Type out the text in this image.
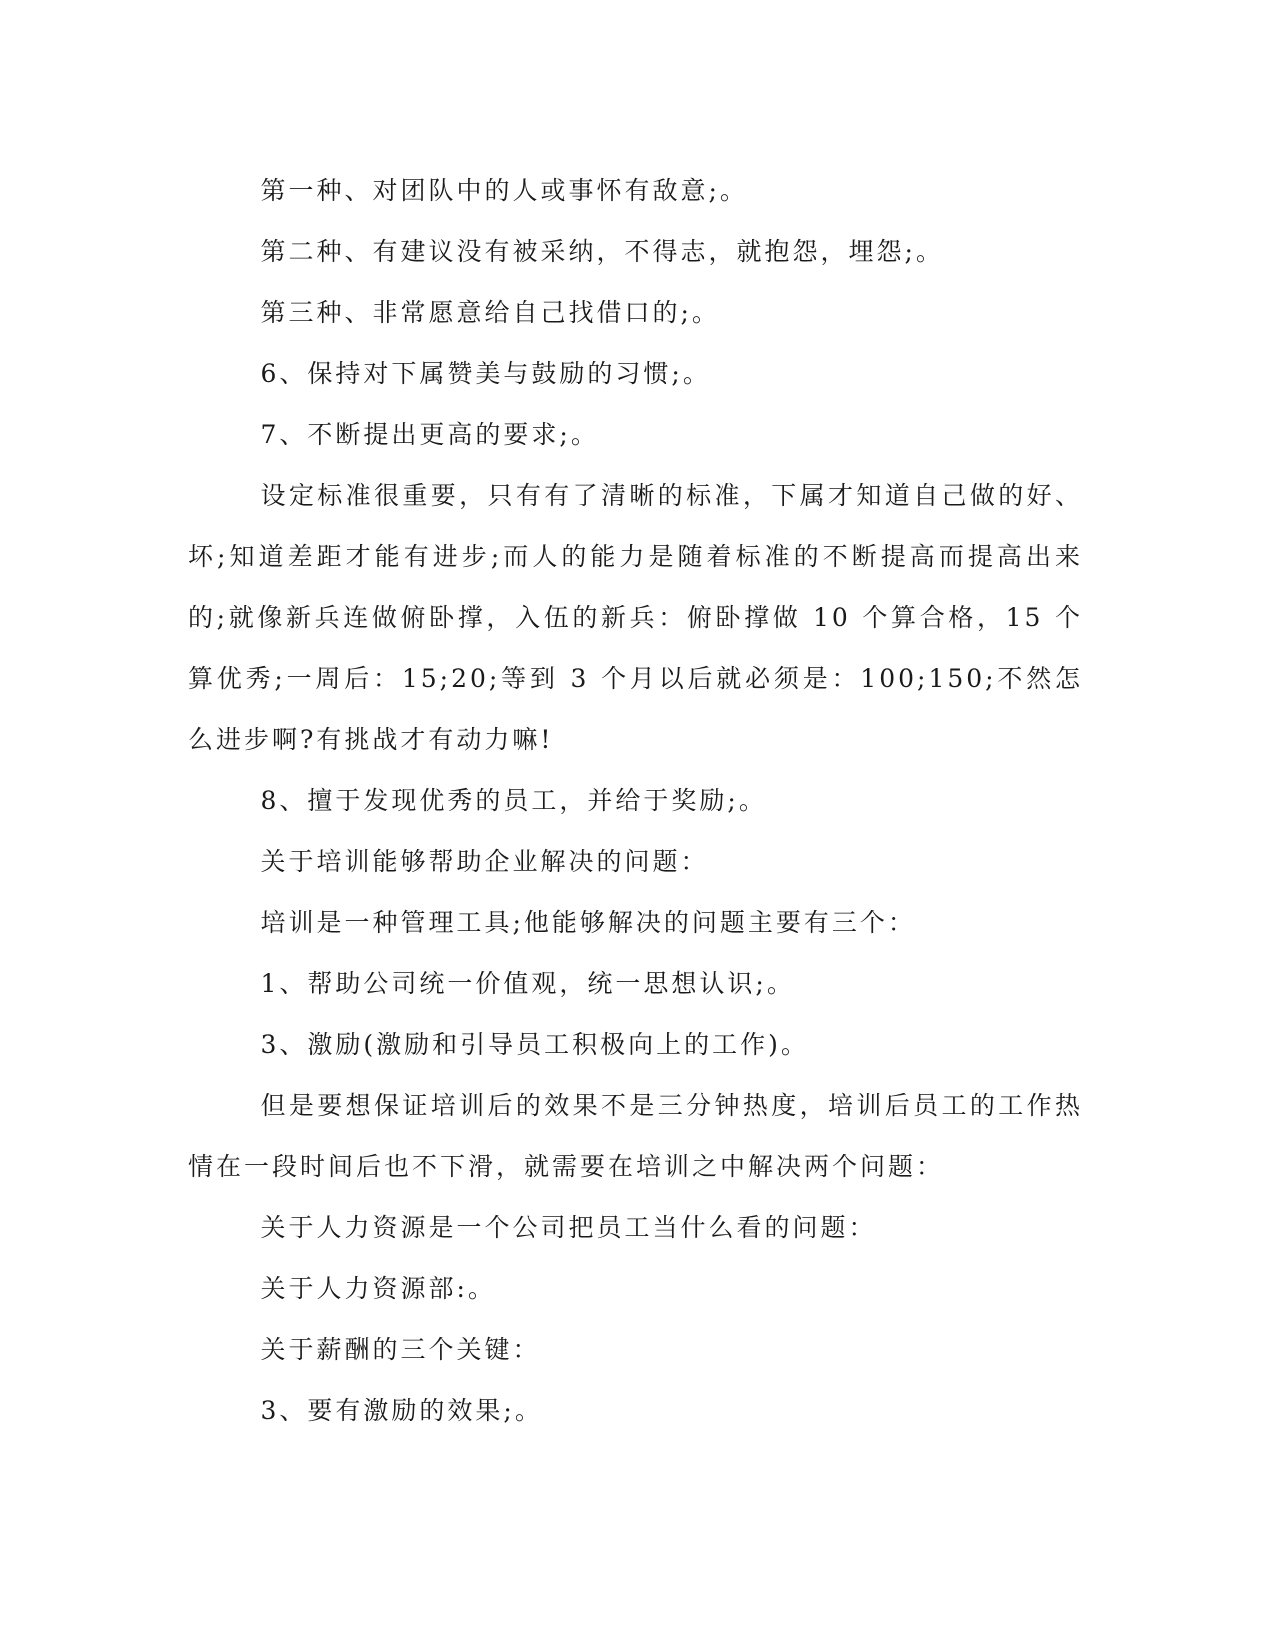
第一种、对团队中的人或事怀有敌意;。

第二种、有建议没有被采纳，不得志，就抱怨，埋怨;。

第三种、非常愿意给自己找借口的;。

6、保持对下属赞美与鼓励的习惯;。

7、不断提出更高的要求;。

设定标准很重要，只有有了清晰的标准，下属才知道自己做的好、坏;知道差距才能有进步;而人的能力是随着标准的不断提高而提高出来的;就像新兵连做俯卧撑，入伍的新兵：俯卧撑做 10 个算合格，15 个算优秀;一周后：15;20;等到 3 个月以后就必须是：100;150;不然怎么进步啊?有挑战才有动力嘛!

8、擅于发现优秀的员工，并给于奖励;。

关于培训能够帮助企业解决的问题：

培训是一种管理工具;他能够解决的问题主要有三个：

1、帮助公司统一价值观，统一思想认识;。

3、激励(激励和引导员工积极向上的工作)。

但是要想保证培训后的效果不是三分钟热度，培训后员工的工作热情在一段时间后也不下滑，就需要在培训之中解决两个问题：

关于人力资源是一个公司把员工当什么看的问题：

关于人力资源部:。

关于薪酬的三个关键：

3、要有激励的效果;。
